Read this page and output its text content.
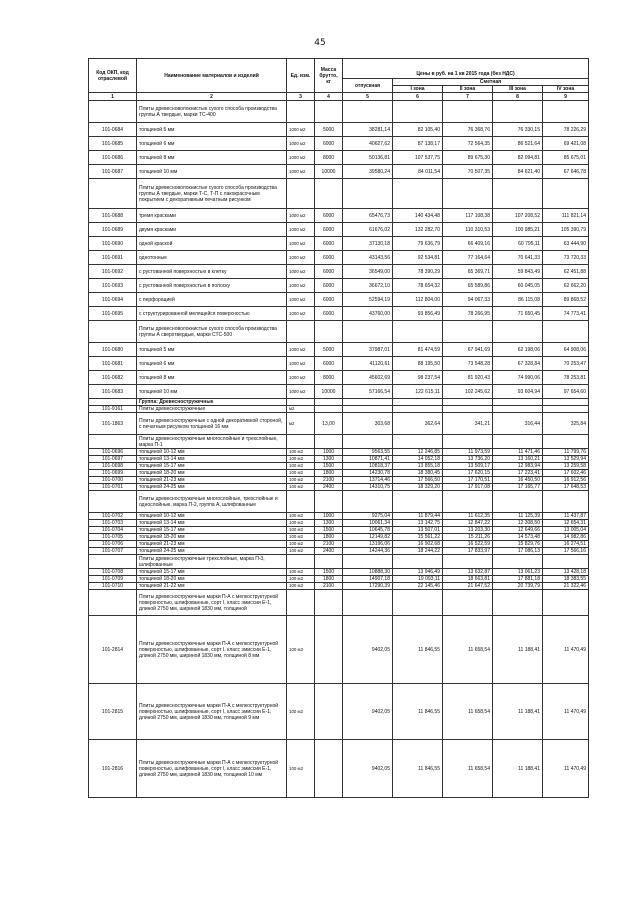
45
Код ОКП, код отраслевой	Наименование материалов и изделий	Ед. изм.	Масса брутто, кг					
				Цены в руб. на 1 кв 2015 года (без НДС)				
				отпускная	Сметная			
					I зона	II зона	III зона	IV зона
1	2	3	4	5	6	7	8	9
	Плиты древесноволокнистые сухого способа производства группы А твердые, марки ТС-400							
101-0684	толщиной 5 мм	1000 м2	5000	38281,14	82 105,40	76 368,76	76 330,15	78 226,29
101-0685	толщиной 6 мм	1000 м2	6000	40627,62	87 138,17	72 564,35	86 521,64	69 421,08
101-0686	толщиной 8 мм	1000 м2	8000	50136,81	107 537,75	89 675,30	82 094,81	85 675,01
101-0687	толщиной 10 мм	1000 м2	10000	39580,24	84 011,54	70 507,35	84 621,40	67 646,78
	Плиты древесноволокнистые сухого способа производства группы А твердые, марки Т-С, Т-П с лакокрасочным покрытием с декоративным печатным рисунком							
101-0688	тремя красками	1000 м2	6000	65476,73	140 434,48	117 108,38	107 208,52	111 821,14
101-0689	двумя красками	1000 м2	6000	61676,02	132 282,70	110 310,53	100 985,21	105 390,79
101-0690	одной краской	1000 м2	6000	37130,18	79 636,79	66 409,16	60 795,11	63 444,90
101-0691	однотонные	1000 м2	6000	43143,56	92 534,81	77 164,64	70 641,33	73 720,33
101-0692	с рустованной поверхностью в клетку	1000 м2	6000	36549,00	78 390,29	65 369,71	59 843,49	62 451,88
101-0693	с рустованной поверхностью в полоску	1000 м2	6000	36672,10	78 654,32	65 589,86	60 045,05	62 662,20
101-0694	с перфорацией	1000 м2	6000	52594,19	112 804,00	94 067,33	86 115,08	89 868,52
101-0695	с структурированной мелящейся поверхностью	1000 м2	6000	43760,00	93 856,49	78 266,95	71 650,45	74 773,41
	Плиты древесноволокнистые сухого способа производства группы А сверхтвердые, марки СТС-500							
101-0680	толщиной 5 мм	1000 м2	5000	37987,01	81 474,59	67 941,69	62 198,06	64 908,06
101-0681	толщиной 6 мм	1000 м2	6000	41120,61	88 195,50	73 548,28	67 328,84	70 253,47
101-0682	толщиной 8 мм	1000 м2	8000	45602,69	98 237,54	81 920,43	74 990,06	78 253,81
101-0683	толщиной 10 мм	1000 м2	10000	57166,54	122 615,11	102 245,62	93 604,94	97 654,60
	Группа: Древесностружечные							
101-9161	Плиты древесностружечные	м2						
101-1863	Плиты древесностружечные с одной декоративной стороной, с печатным рисунком толщиной 16 мм	м2	13,00	303,68	362,64	341,21	316,44	325,84
	Плиты древесностружечные многослойные и трехслойные, марка П-1							
101-0696	толщиной 10-12 мм	100 м2	1000	9563,55	12 246,85	11 973,59	11 471,46	11 799,76
101-0697	толщиной 13-14 мм	100 м2	1300	10871,41	14 052,18	13 736,20	13 160,21	13 529,94
101-0698	толщиной 15-17 мм	100 м2	1500	10818,37	13 855,18	13 509,17	12 983,94	13 259,58
101-0699	толщиной 18-20 мм	100 м2	1800	14230,78	18 380,45	17 620,15	17 223,41	17 602,46
101-0700	толщиной 21-23 мм	100 м2	2100	13714,46	17 566,50	17 170,51	16 450,50	16 912,56
101-0701	толщиной 24-25 мм	100 м2	2400	14310,75	18 329,20	17 917,08	17 165,77	17 648,53
	Плиты древесностружечные многослойные, трехслойные и однослойные, марка П-2, группа А, шлифованные							
101-0702	толщиной 10-12 мм	100 м2	1000	9275,04	11 879,44	11 612,35	11 125,39	11 437,87
101-0703	толщиной 13-14 мм	100 м2	1300	10061,34	13 142,75	12 847,22	12 308,50	12 654,31
101-0704	толщиной 15-17 мм	100 м2	1500	10645,78	13 507,01	13 203,30	12 649,66	13 005,04
101-0705	толщиной 18-20 мм	100 м2	1800	12149,82	15 561,22	15 211,26	14 573,48	14 982,86
101-0706	толщиной 21-23 мм	100 м2	2100	13196,06	16 902,68	16 522,59	15 829,76	16 274,51
101-0707	толщиной 24-25 мм	100 м2	2400	14244,36	18 244,22	17 833,97	17 086,13	17 566,16
	Плиты древесностружечные трехслойные, марка П-3, шлифованные							
101-0708	толщиной 15-17 мм	100 м2	1500	10888,30	13 946,49	13 632,87	13 061,23	13 428,18
101-0709	толщиной 18-20 мм	100 м2	1800	14907,18	19 093,11	18 663,81	17 881,18	18 383,55
101-0710	толщиной 21-22 мм	100 м2	2100	17290,39	22 145,46	21 647,52	20 739,79	21 322,46
	Плиты древесностружечные марки П-А с мелкоструктурной поверхностью, шлифованные, сорт I, класс эмиссии Е-1, длиной 2750 мм, шириной 1830 мм, толщиной							
101-2814	Плиты древесностружечные марки П-А с мелкоструктурной поверхностью, шлифованные, сорт I, класс эмиссии Е-1, длиной 2750 мм, шириной 1830 мм, толщиной 8 мм	100 м2		9402,05	11 846,55	11 658,54	11 188,41	11 470,49
101-2815	Плиты древесностружечные марки П-А с мелкоструктурной поверхностью, шлифованные, сорт I, класс эмиссии Е-1, длиной 2750 мм, шириной 1830 мм, толщиной 9 мм	100 м2		9402,05	11 846,55	11 658,54	11 188,41	11 470,49
101-2816	Плиты древесностружечные марки П-А с мелкоструктурной поверхностью, шлифованные, сорт I, класс эмиссии Е-1, длиной 2750 мм, шириной 1830 мм, толщиной 10 мм	100 м2		9402,05	11 846,55	11 658,54	11 188,41	11 470,49
